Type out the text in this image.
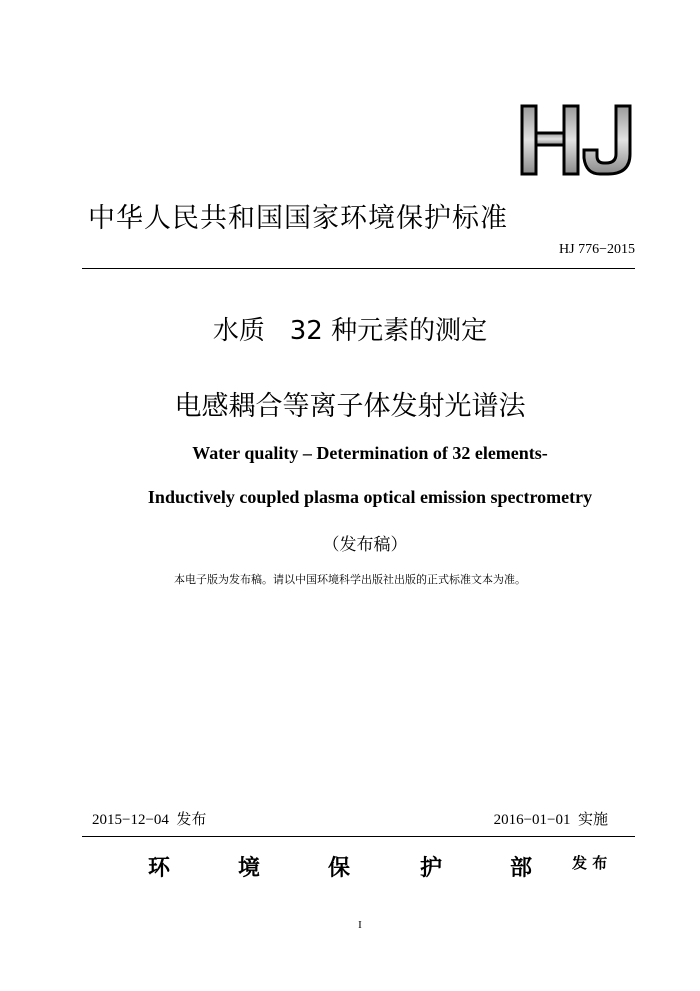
中华人民共和国国家环境保护标准
HJ 776−2015
水质   32 种元素的测定
电感耦合等离子体发射光谱法
Water quality – Determination of 32 elements-
Inductively coupled plasma optical emission spectrometry
（发布稿）
本电子版为发布稿。请以中国环境科学出版社出版的正式标准文本为准。
2015−12−04  发布	2016−01−01  实施
环	境	保	护	部	发 布
I
